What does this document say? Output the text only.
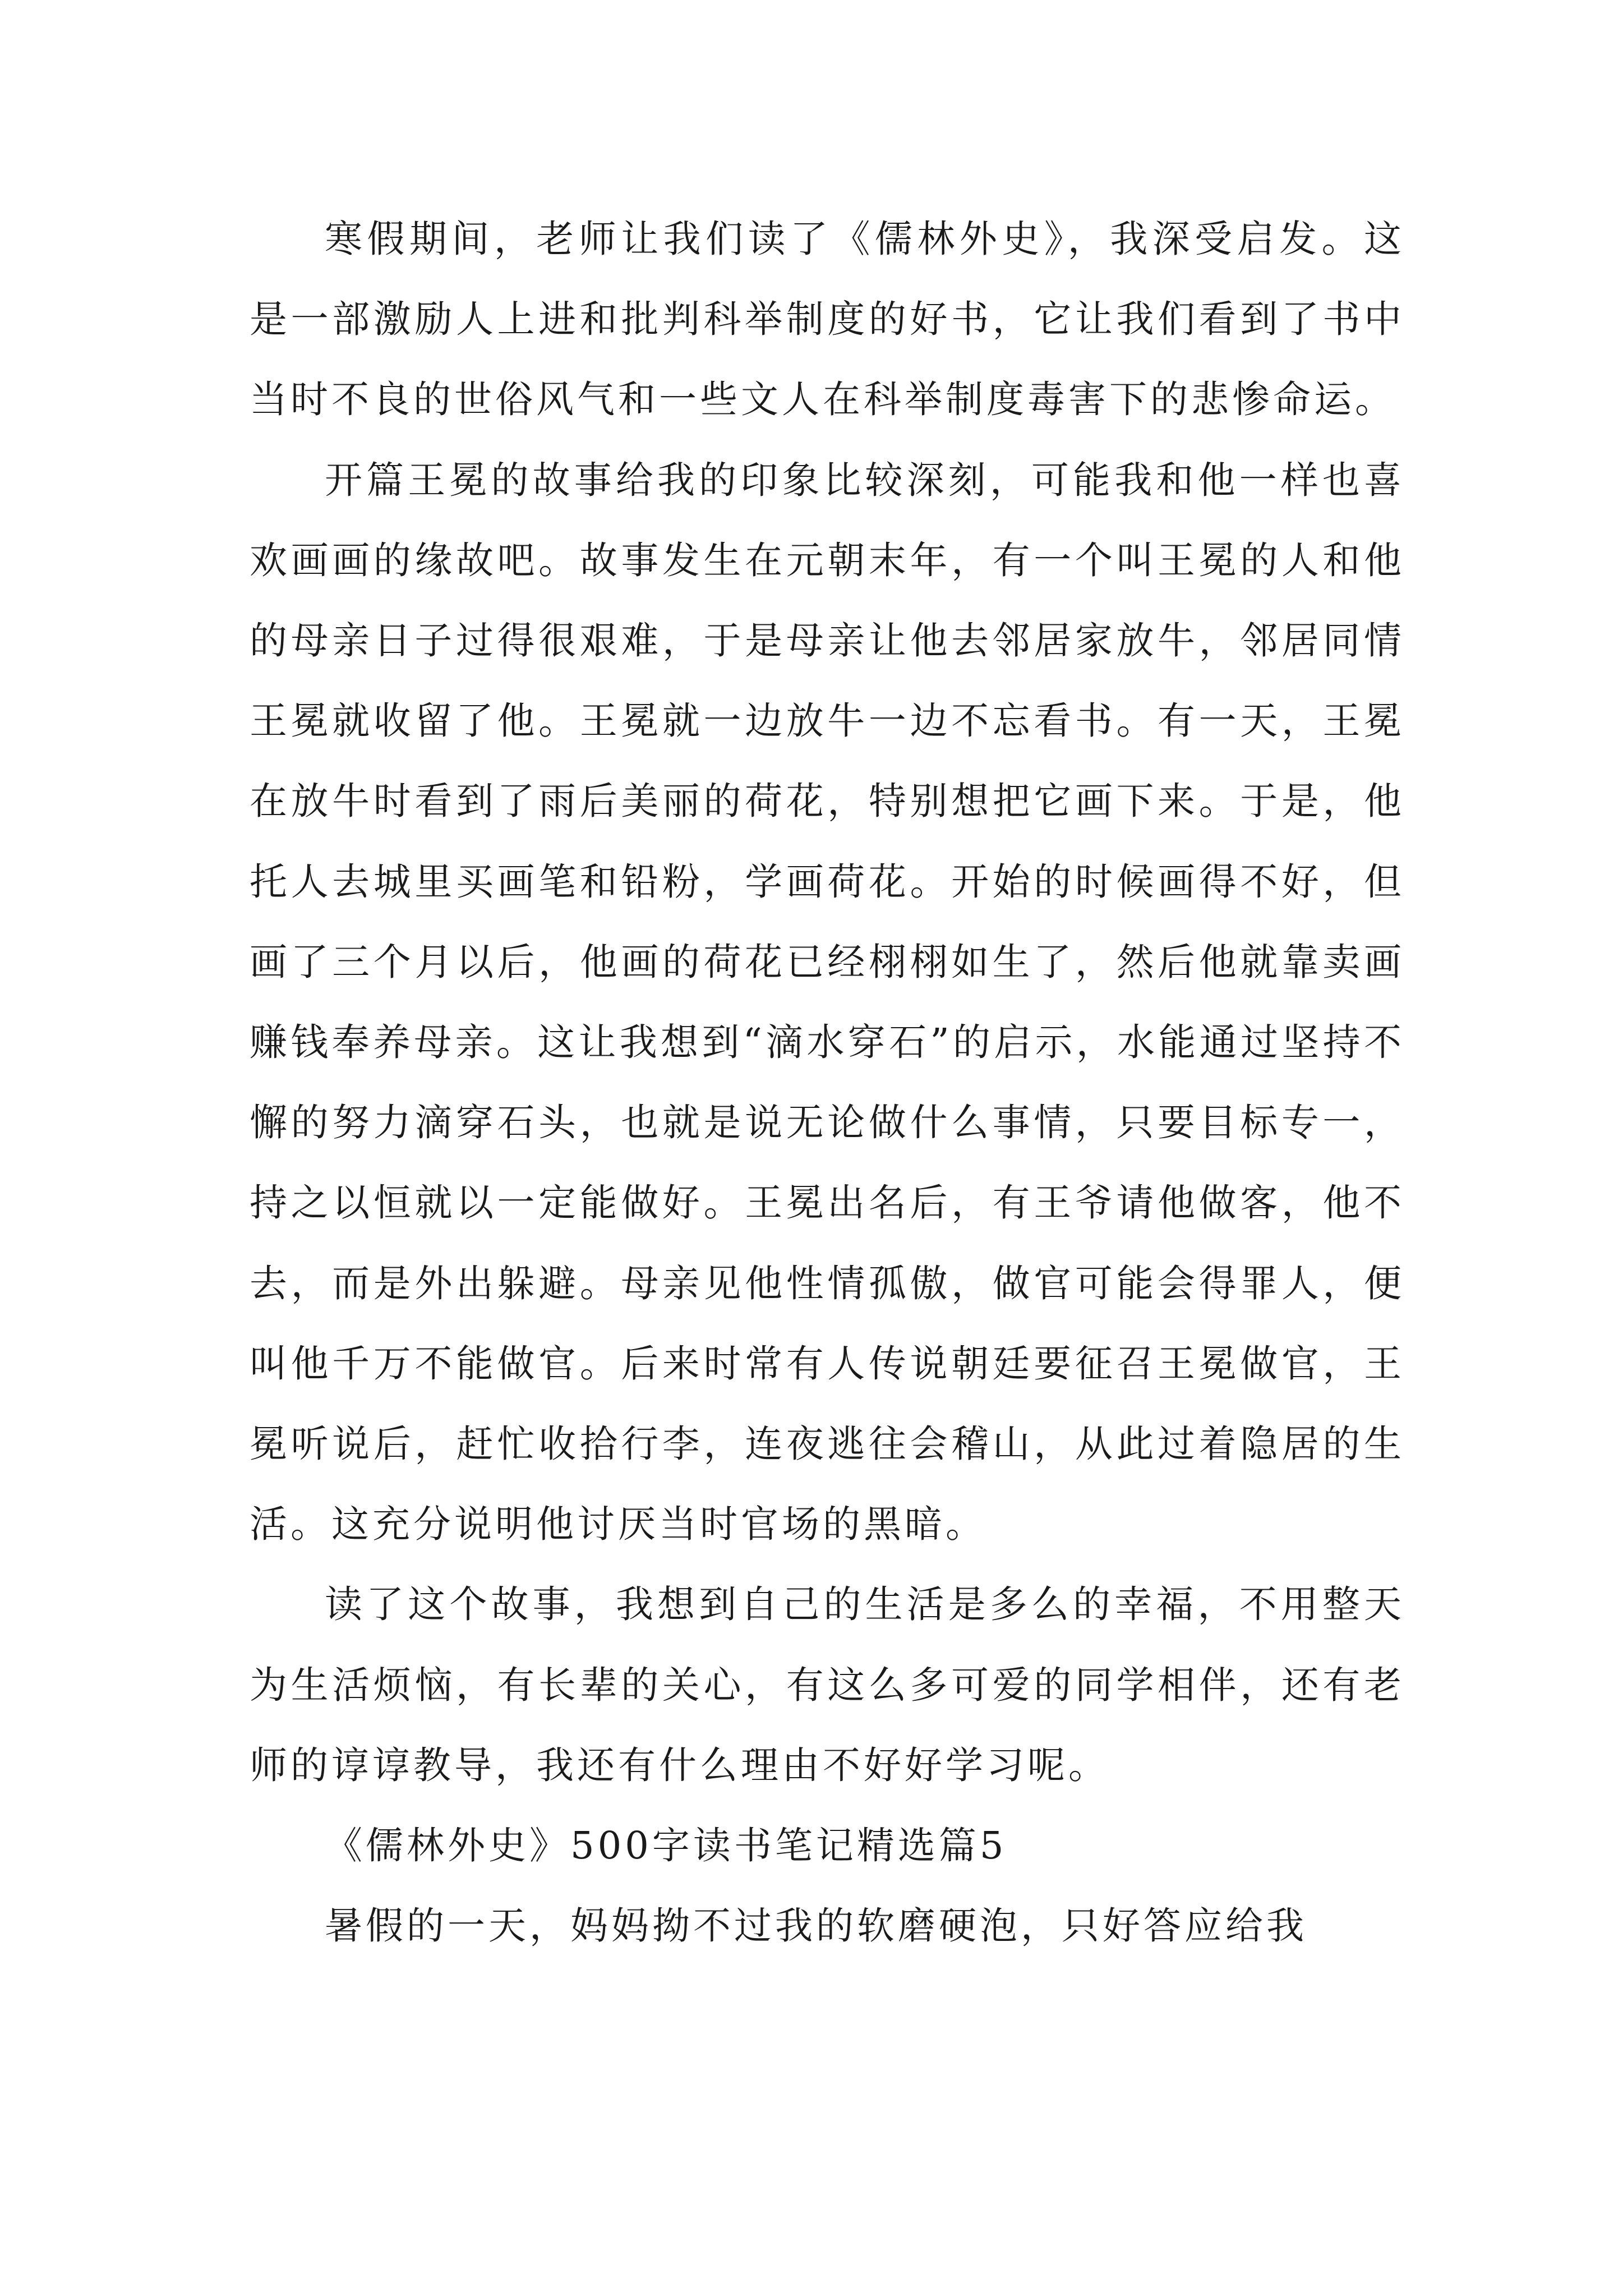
寒假期间，老师让我们读了《儒林外史》，我深受启发。这是一部激励人上进和批判科举制度的好书，它让我们看到了书中当时不良的世俗风气和一些文人在科举制度毒害下的悲惨命运。

开篇王冕的故事给我的印象比较深刻，可能我和他一样也喜欢画画的缘故吧。故事发生在元朝末年，有一个叫王冕的人和他的母亲日子过得很艰难，于是母亲让他去邻居家放牛，邻居同情王冕就收留了他。王冕就一边放牛一边不忘看书。有一天，王冕在放牛时看到了雨后美丽的荷花，特别想把它画下来。于是，他托人去城里买画笔和铅粉，学画荷花。开始的时候画得不好，但画了三个月以后，他画的荷花已经栩栩如生了，然后他就靠卖画赚钱奉养母亲。这让我想到“滴水穿石”的启示，水能通过坚持不懈的努力滴穿石头，也就是说无论做什么事情，只要目标专一，持之以恒就以一定能做好。王冕出名后，有王爷请他做客，他不去，而是外出躲避。母亲见他性情孤傲，做官可能会得罪人，便叫他千万不能做官。后来时常有人传说朝廷要征召王冕做官，王冕听说后，赶忙收拾行李，连夜逃往会稽山，从此过着隐居的生活。这充分说明他讨厌当时官场的黑暗。

读了这个故事，我想到自己的生活是多么的幸福，不用整天为生活烦恼，有长辈的关心，有这么多可爱的同学相伴，还有老师的谆谆教导，我还有什么理由不好好学习呢。

《儒林外史》500字读书笔记精选篇5

暑假的一天，妈妈拗不过我的软磨硬泡，只好答应给我
